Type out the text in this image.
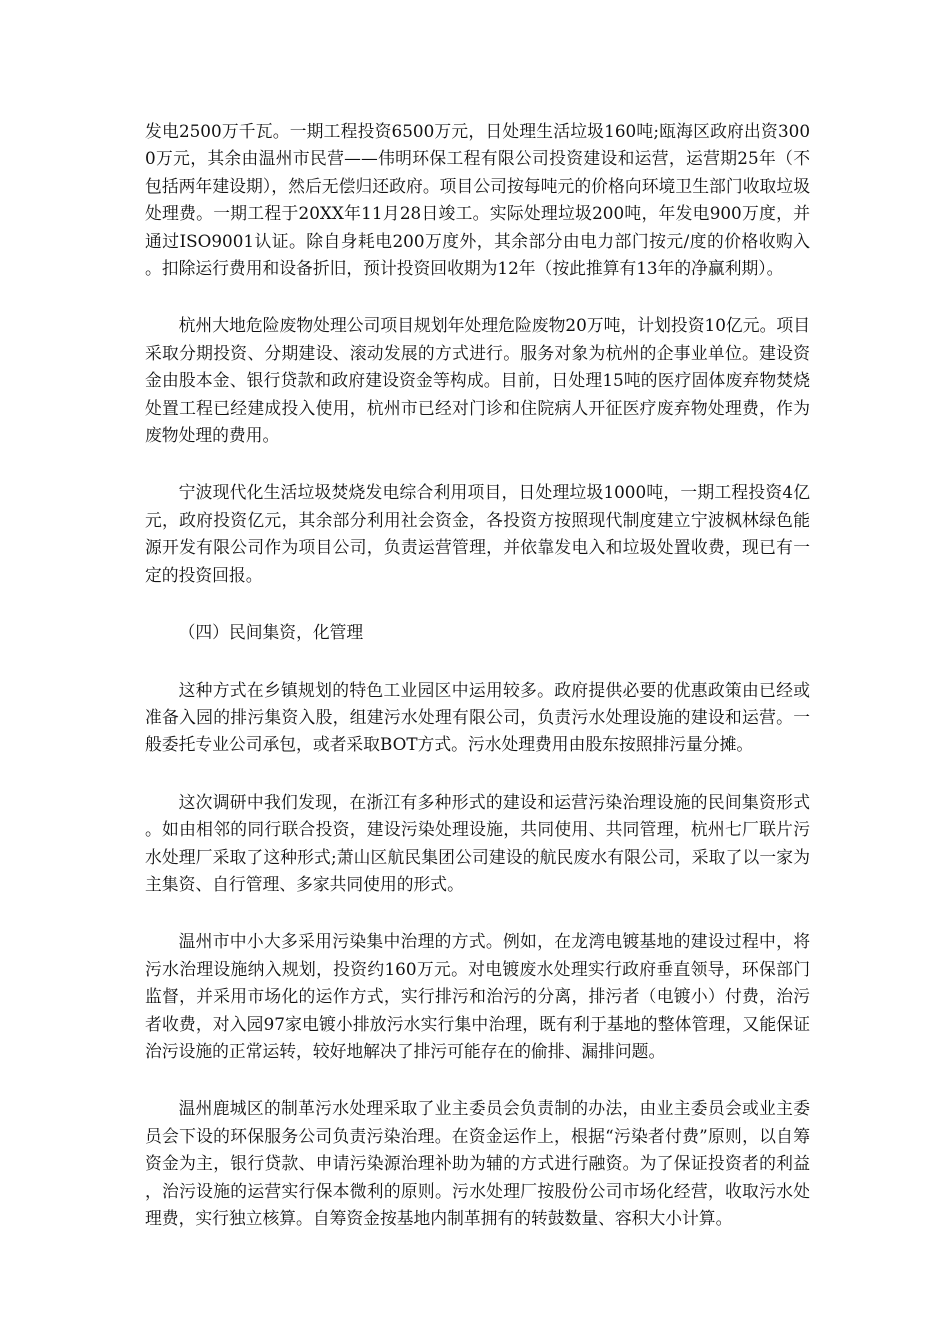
发电2500万千瓦。一期工程投资6500万元，日处理生活垃圾160吨;瓯海区政府出资3000万元，其余由温州市民营——伟明环保工程有限公司投资建设和运营，运营期25年（不包括两年建设期），然后无偿归还政府。项目公司按每吨元的价格向环境卫生部门收取垃圾处理费。一期工程于20XX年11月28日竣工。实际处理垃圾200吨，年发电900万度，并通过ISO9001认证。除自身耗电200万度外，其余部分由电力部门按元/度的价格收购入。扣除运行费用和设备折旧，预计投资回收期为12年（按此推算有13年的净赢利期）。

杭州大地危险废物处理公司项目规划年处理危险废物20万吨，计划投资10亿元。项目采取分期投资、分期建设、滚动发展的方式进行。服务对象为杭州的企事业单位。建设资金由股本金、银行贷款和政府建设资金等构成。目前，日处理15吨的医疗固体废弃物焚烧处置工程已经建成投入使用，杭州市已经对门诊和住院病人开征医疗废弃物处理费，作为废物处理的费用。

宁波现代化生活垃圾焚烧发电综合利用项目，日处理垃圾1000吨，一期工程投资4亿元，政府投资亿元，其余部分利用社会资金，各投资方按照现代制度建立宁波枫林绿色能源开发有限公司作为项目公司，负责运营管理，并依靠发电入和垃圾处置收费，现已有一定的投资回报。

（四）民间集资，化管理

这种方式在乡镇规划的特色工业园区中运用较多。政府提供必要的优惠政策由已经或准备入园的排污集资入股，组建污水处理有限公司，负责污水处理设施的建设和运营。一般委托专业公司承包，或者采取BOT方式。污水处理费用由股东按照排污量分摊。

这次调研中我们发现，在浙江有多种形式的建设和运营污染治理设施的民间集资形式。如由相邻的同行联合投资，建设污染处理设施，共同使用、共同管理，杭州七厂联片污水处理厂采取了这种形式;萧山区航民集团公司建设的航民废水有限公司，采取了以一家为主集资、自行管理、多家共同使用的形式。

温州市中小大多采用污染集中治理的方式。例如，在龙湾电镀基地的建设过程中，将污水治理设施纳入规划，投资约160万元。对电镀废水处理实行政府垂直领导，环保部门监督，并采用市场化的运作方式，实行排污和治污的分离，排污者（电镀小）付费，治污者收费，对入园97家电镀小排放污水实行集中治理，既有利于基地的整体管理，又能保证治污设施的正常运转，较好地解决了排污可能存在的偷排、漏排问题。

温州鹿城区的制革污水处理采取了业主委员会负责制的办法，由业主委员会或业主委员会下设的环保服务公司负责污染治理。在资金运作上，根据“污染者付费”原则，以自筹资金为主，银行贷款、申请污染源治理补助为辅的方式进行融资。为了保证投资者的利益，治污设施的运营实行保本微利的原则。污水处理厂按股份公司市场化经营，收取污水处理费，实行独立核算。自筹资金按基地内制革拥有的转鼓数量、容积大小计算。
